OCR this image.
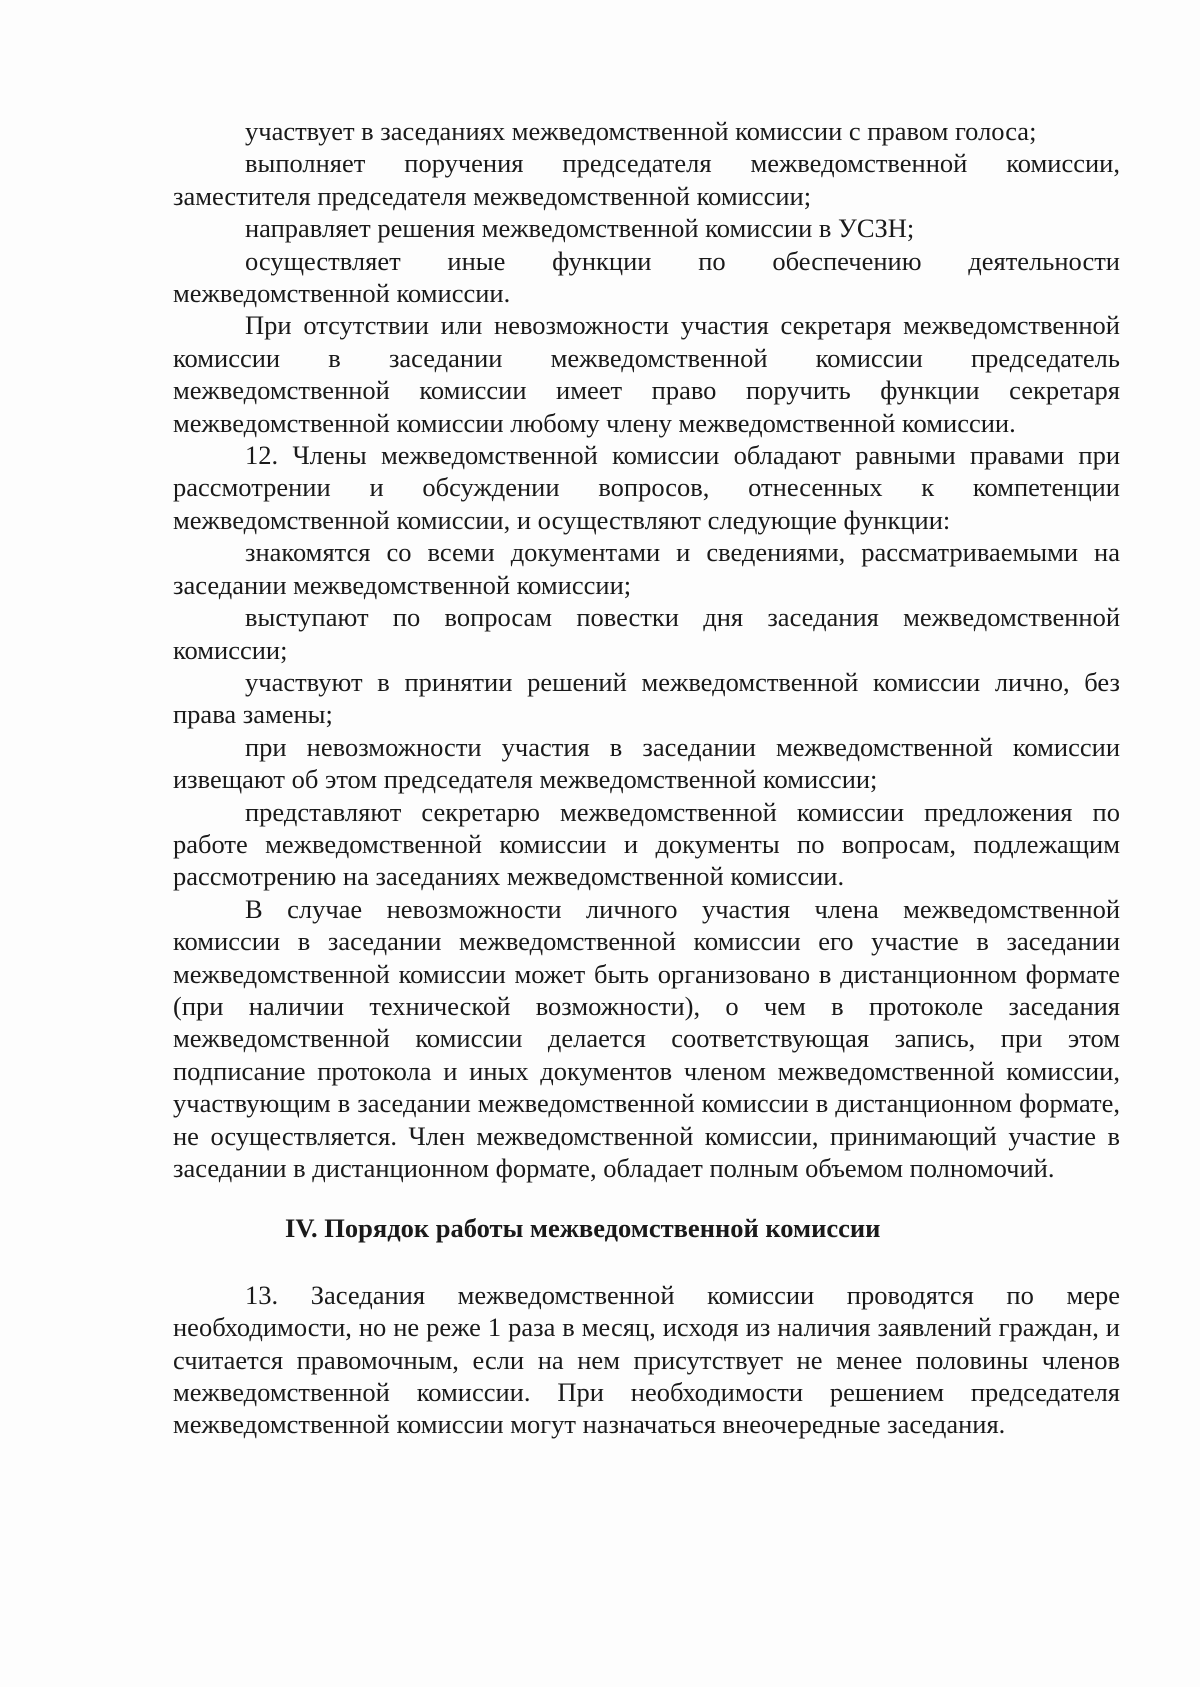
участвует в заседаниях межведомственной комиссии с правом голоса;

выполняет поручения председателя межведомственной комиссии, заместителя председателя межведомственной комиссии;

направляет решения межведомственной комиссии в УСЗН;

осуществляет иные функции по обеспечению деятельности межведомственной комиссии.

При отсутствии или невозможности участия секретаря межведомственной комиссии в заседании межведомственной комиссии председатель межведомственной комиссии имеет право поручить функции секретаря межведомственной комиссии любому члену межведомственной комиссии.

12. Члены межведомственной комиссии обладают равными правами при рассмотрении и обсуждении вопросов, отнесенных к компетенции межведомственной комиссии, и осуществляют следующие функции:

знакомятся со всеми документами и сведениями, рассматриваемыми на заседании межведомственной комиссии;

выступают по вопросам повестки дня заседания межведомственной комиссии;

участвуют в принятии решений межведомственной комиссии лично, без права замены;

при невозможности участия в заседании межведомственной комиссии извещают об этом председателя межведомственной комиссии;

представляют секретарю межведомственной комиссии предложения по работе межведомственной комиссии и документы по вопросам, подлежащим рассмотрению на заседаниях межведомственной комиссии.

В случае невозможности личного участия члена межведомственной комиссии в заседании межведомственной комиссии его участие в заседании межведомственной комиссии может быть организовано в дистанционном формате (при наличии технической возможности), о чем в протоколе заседания межведомственной комиссии делается соответствующая запись, при этом подписание протокола и иных документов членом межведомственной комиссии, участвующим в заседании межведомственной комиссии в дистанционном формате, не осуществляется. Член межведомственной комиссии, принимающий участие в заседании в дистанционном формате, обладает полным объемом полномочий.

IV. Порядок работы межведомственной комиссии

13. Заседания межведомственной комиссии проводятся по мере необходимости, но не реже 1 раза в месяц, исходя из наличия заявлений граждан, и считается правомочным, если на нем присутствует не менее половины членов межведомственной комиссии. При необходимости решением председателя межведомственной комиссии могут назначаться внеочередные заседания.
